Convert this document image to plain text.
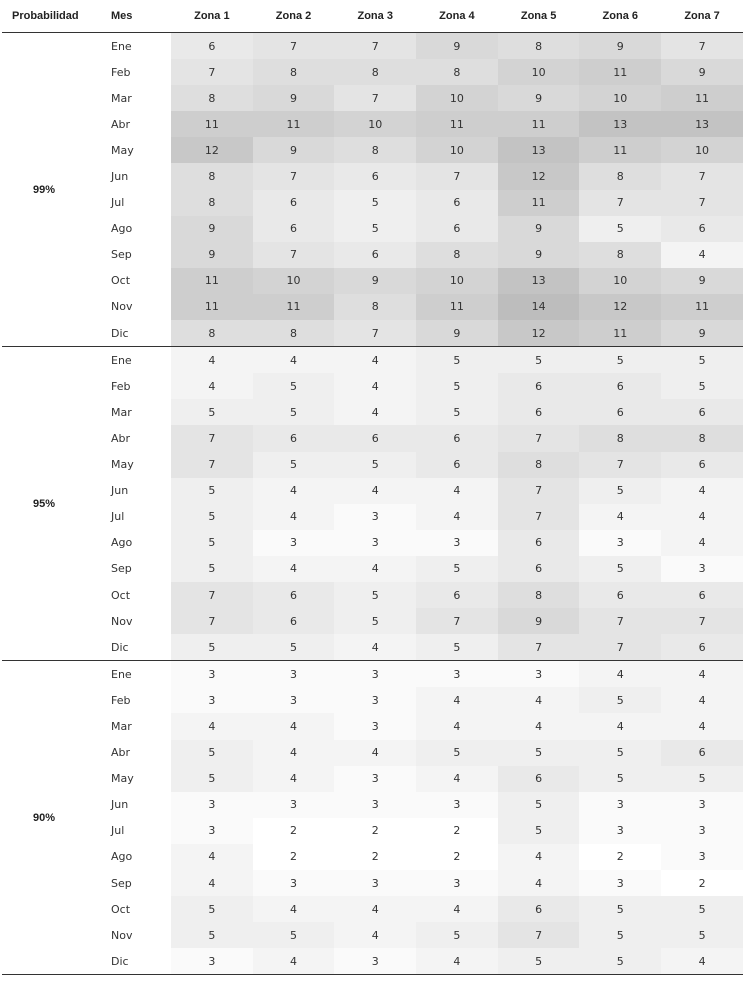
Probabilidad	Mes	Zona 1	Zona 2	Zona 3	Zona 4	Zona 5	Zona 6	Zona 7
99%	Ene	6	7	7	9	8	9	7
	Feb	7	8	8	8	10	11	9
	Mar	8	9	7	10	9	10	11
	Abr	11	11	10	11	11	13	13
	May	12	9	8	10	13	11	10
	Jun	8	7	6	7	12	8	7
	Jul	8	6	5	6	11	7	7
	Ago	9	6	5	6	9	5	6
	Sep	9	7	6	8	9	8	4
	Oct	11	10	9	10	13	10	9
	Nov	11	11	8	11	14	12	11
	Dic	8	8	7	9	12	11	9
95%	Ene	4	4	4	5	5	5	5
	Feb	4	5	4	5	6	6	5
	Mar	5	5	4	5	6	6	6
	Abr	7	6	6	6	7	8	8
	May	7	5	5	6	8	7	6
	Jun	5	4	4	4	7	5	4
	Jul	5	4	3	4	7	4	4
	Ago	5	3	3	3	6	3	4
	Sep	5	4	4	5	6	5	3
	Oct	7	6	5	6	8	6	6
	Nov	7	6	5	7	9	7	7
	Dic	5	5	4	5	7	7	6
90%	Ene	3	3	3	3	3	4	4
	Feb	3	3	3	4	4	5	4
	Mar	4	4	3	4	4	4	4
	Abr	5	4	4	5	5	5	6
	May	5	4	3	4	6	5	5
	Jun	3	3	3	3	5	3	3
	Jul	3	2	2	2	5	3	3
	Ago	4	2	2	2	4	2	3
	Sep	4	3	3	3	4	3	2
	Oct	5	4	4	4	6	5	5
	Nov	5	5	4	5	7	5	5
	Dic	3	4	3	4	5	5	4
